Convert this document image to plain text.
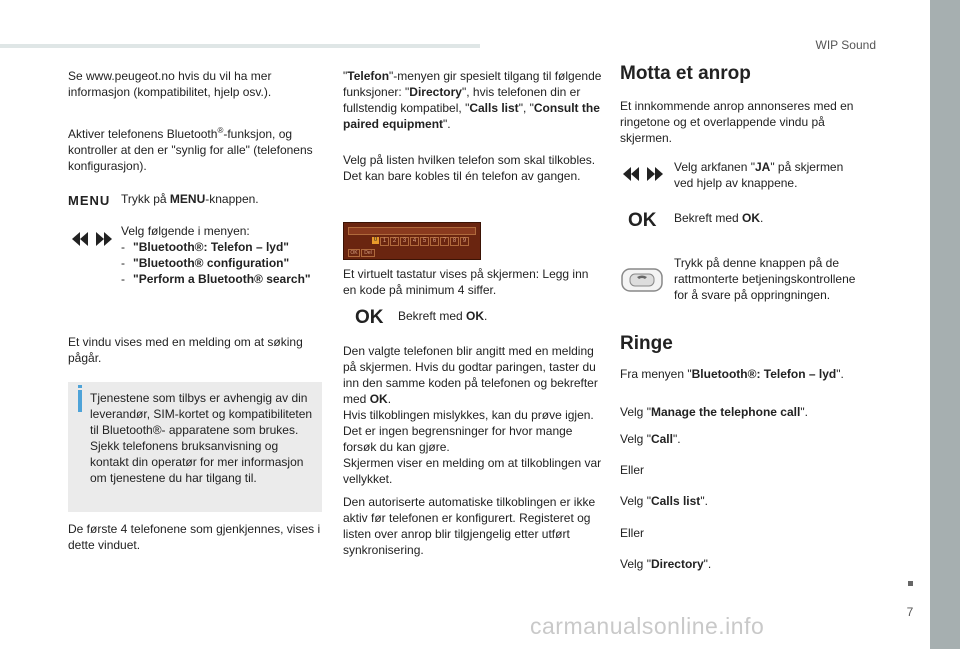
WIP Sound
7
carmanualsonline.info
Se www.peugeot.no hvis du vil ha mer informasjon (kompatibilitet, hjelp osv.).
Aktiver telefonens Bluetooth®-funksjon, og kontroller at den er "synlig for alle" (telefonens konfigurasjon).
MENU Trykk på MENU-knappen.
Velg følgende i menyen:
- "Bluetooth®: Telefon – lyd"
- "Bluetooth® configuration"
- "Perform a Bluetooth® search"
Et vindu vises med en melding om at søking pågår.
Tjenestene som tilbys er avhengig av din leverandør, SIM-kortet og kompatibiliteten til Bluetooth®- apparatene som brukes. Sjekk telefonens bruksanvisning og kontakt din operatør for mer informasjon om tjenestene du har tilgang til.
De første 4 telefonene som gjenkjennes, vises i dette vinduet.
"Telefon"-menyen gir spesielt tilgang til følgende funksjoner: "Directory", hvis telefonen din er fullstendig kompatibel, "Calls list", "Consult the paired equipment".
Velg på listen hvilken telefon som skal tilkobles. Det kan bare kobles til én telefon av gangen.
0 1	2	3	4	5	6	7	8	9
OK	Del
Et virtuelt tastatur vises på skjermen: Legg inn en kode på minimum 4 siffer.
OK Bekreft med OK.
Den valgte telefonen blir angitt med en melding på skjermen. Hvis du godtar paringen, taster du inn den samme koden på telefonen og bekrefter med OK.
Hvis tilkoblingen mislykkes, kan du prøve igjen. Det er ingen begrensninger for hvor mange forsøk du kan gjøre.
Skjermen viser en melding om at tilkoblingen var vellykket.
Den autoriserte automatiske tilkoblingen er ikke aktiv før telefonen er konfigurert. Registeret og listen over anrop blir tilgjengelig etter utført synkronisering.
Motta et anrop
Et innkommende anrop annonseres med en ringetone og et overlappende vindu på skjermen.
Velg arkfanen "JA" på skjermen ved hjelp av knappene.
OK Bekreft med OK.
Trykk på denne knappen på de rattmonterte betjeningskontrollene for å svare på oppringningen.
Ringe
Fra menyen "Bluetooth®: Telefon – lyd".
Velg "Manage the telephone call".
Velg "Call".
Eller
Velg "Calls list".
Eller
Velg "Directory".
